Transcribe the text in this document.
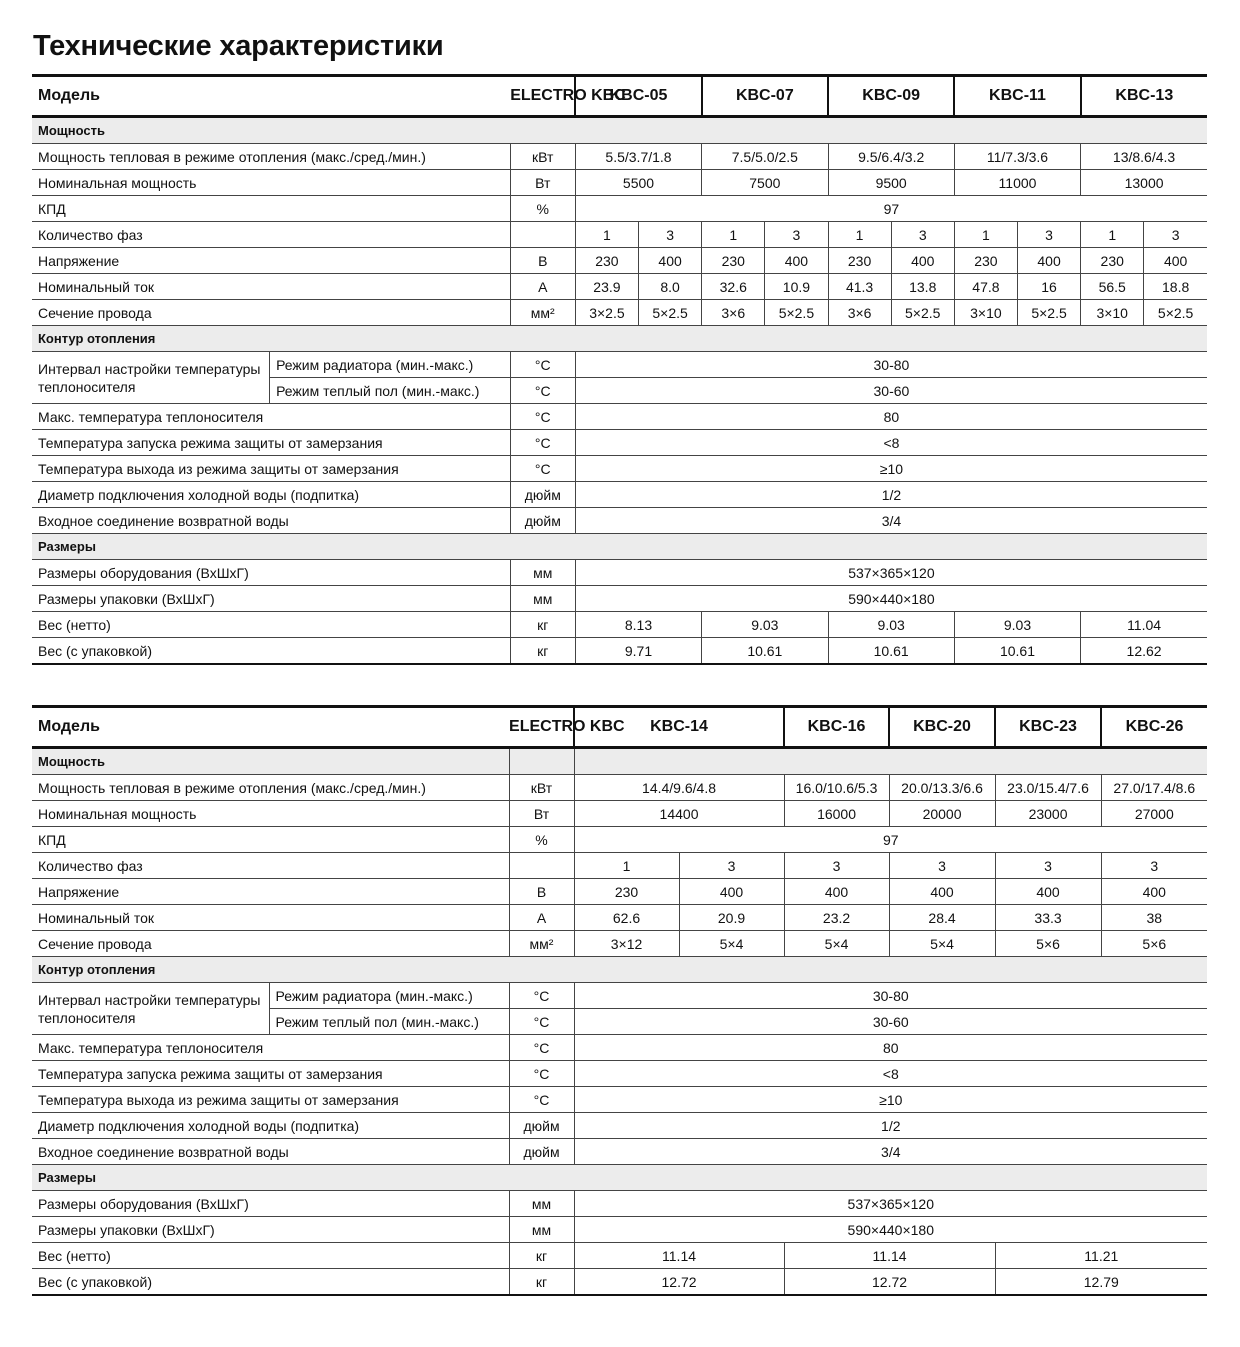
Технические характеристики
Модель		ELECTRO KBC	KBC-05		KBC-07		KBC-09		KBC-11		KBC-13	
Мощность												
Мощность тепловая в режиме отопления (макс./сред./мин.)		кВт	5.5/3.7/1.8		7.5/5.0/2.5		9.5/6.4/3.2		11/7.3/3.6		13/8.6/4.3	
Номинальная мощность		Вт	5500		7500		9500		11000		13000	
КПД		%	97									
Количество фаз			1	3	1	3	1	3	1	3	1	3
Напряжение		В	230	400	230	400	230	400	230	400	230	400
Номинальный ток		А	23.9	8.0	32.6	10.9	41.3	13.8	47.8	16	56.5	18.8
Сечение провода		мм²	3×2.5	5×2.5	3×6	5×2.5	3×6	5×2.5	3×10	5×2.5	3×10	5×2.5
Контур отопления												
Интервал настройки температуры теплоносителя	Режим радиатора (мин.-макс.)	°C	30-80									
	Режим теплый пол (мин.-макс.)	°C	30-60									
Макс. температура теплоносителя		°C	80									
Температура запуска режима защиты от замерзания		°C	<8									
Температура выхода из режима защиты от замерзания		°C	≥10									
Диаметр подключения холодной воды (подпитка)		дюйм	1/2									
Входное соединение возвратной воды		дюйм	3/4									
Размеры												
Размеры оборудования (ВхШхГ)		мм	537×365×120									
Размеры упаковки (ВхШхГ)		мм	590×440×180									
Вес (нетто)		кг	8.13		9.03		9.03		9.03		11.04	
Вес (с упаковкой)		кг	9.71		10.61		10.61		10.61		12.62	
Модель		ELECTRO KBC	KBC-14		KBC-16	KBC-20	KBC-23	KBC-26
Мощность								
Мощность тепловая в режиме отопления (макс./сред./мин.)		кВт	14.4/9.6/4.8		16.0/10.6/5.3	20.0/13.3/6.6	23.0/15.4/7.6	27.0/17.4/8.6
Номинальная мощность		Вт	14400		16000	20000	23000	27000
КПД		%	97					
Количество фаз			1	3	3	3	3	3
Напряжение		В	230	400	400	400	400	400
Номинальный ток		А	62.6	20.9	23.2	28.4	33.3	38
Сечение провода		мм²	3×12	5×4	5×4	5×4	5×6	5×6
Контур отопления								
Интервал настройки температуры теплоносителя	Режим радиатора (мин.-макс.)	°C	30-80					
	Режим теплый пол (мин.-макс.)	°C	30-60					
Макс. температура теплоносителя		°C	80					
Температура запуска режима защиты от замерзания		°C	<8					
Температура выхода из режима защиты от замерзания		°C	≥10					
Диаметр подключения холодной воды (подпитка)		дюйм	1/2					
Входное соединение возвратной воды		дюйм	3/4					
Размеры								
Размеры оборудования (ВхШхГ)		мм	537×365×120					
Размеры упаковки (ВхШхГ)		мм	590×440×180					
Вес (нетто)		кг	11.14		11.14		11.21	
Вес (с упаковкой)		кг	12.72		12.72		12.79	
